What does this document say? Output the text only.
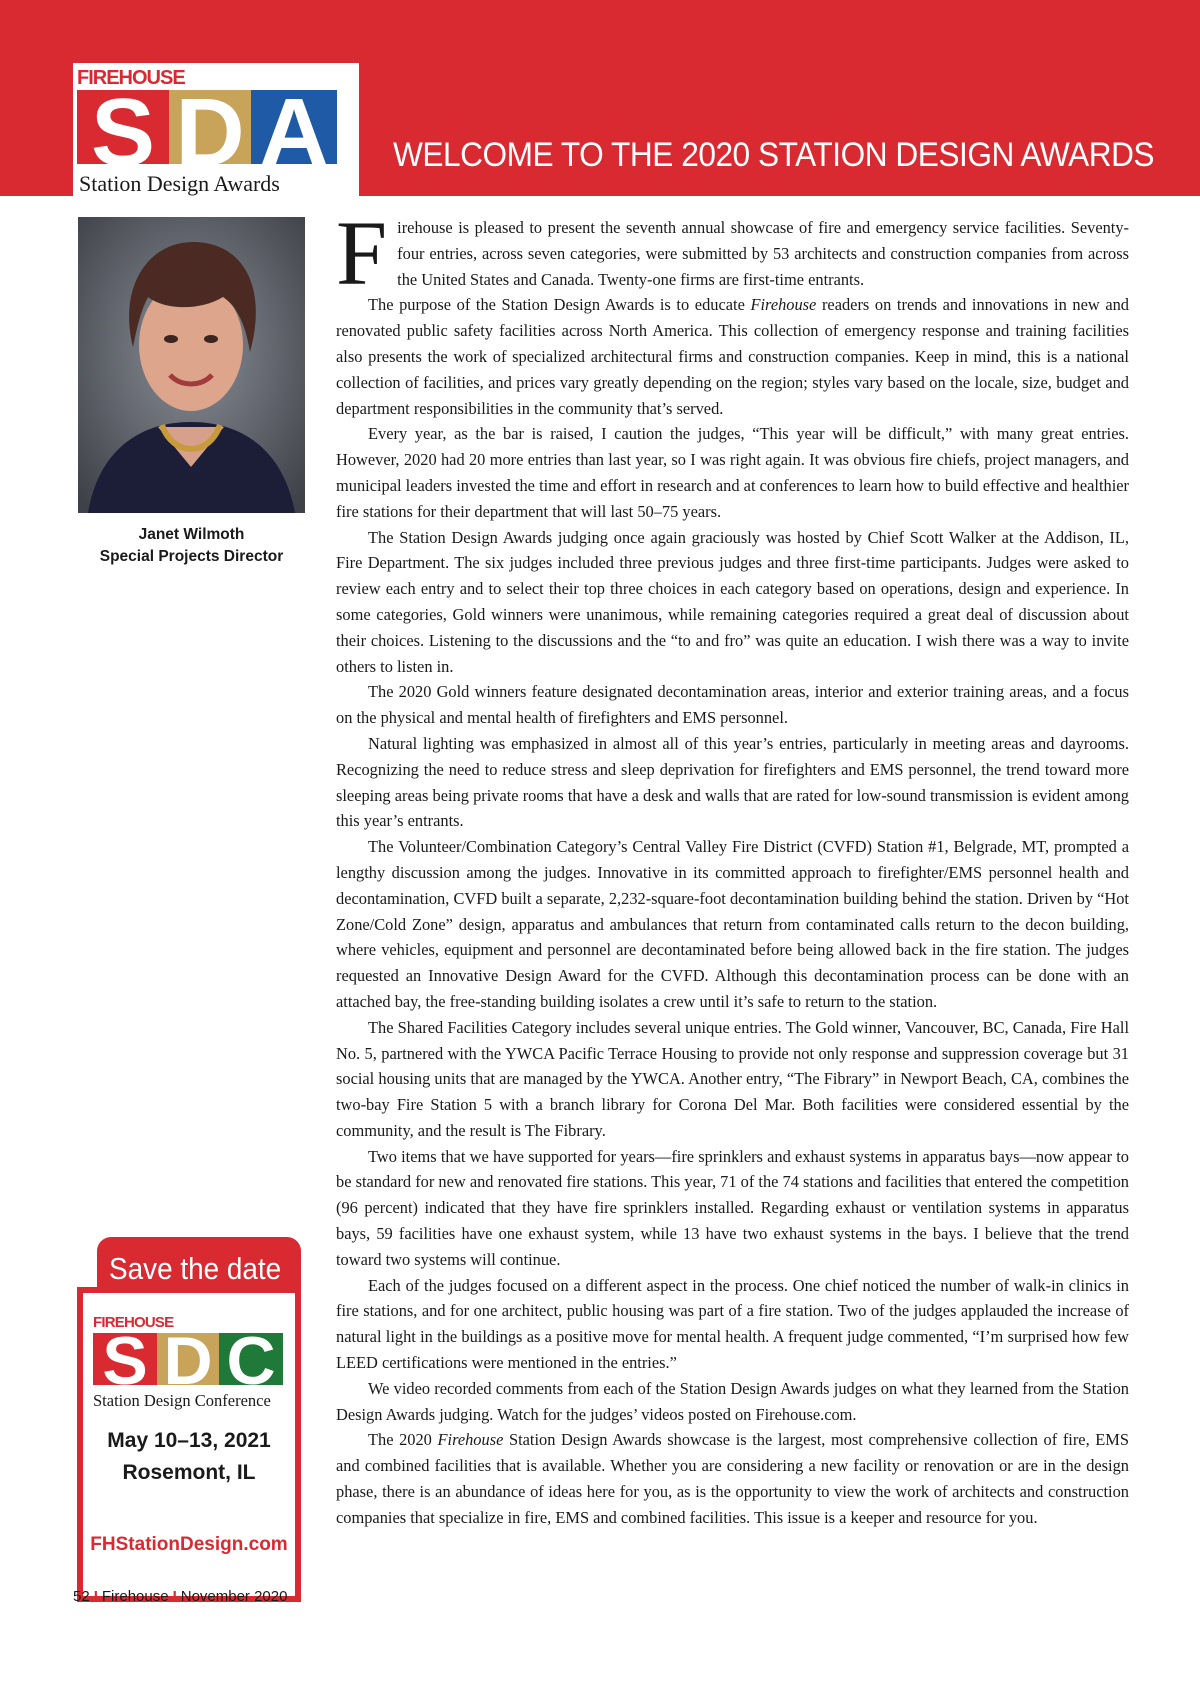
WELCOME TO THE 2020 STATION DESIGN AWARDS
FIREHOUSE
S D A
Station Design Awards
Janet Wilmoth
Special Projects Director

Firehouse is pleased to present the seventh annual showcase of fire and emergency service facilities. Seventy-four entries, across seven categories, were submitted by 53 architects and construction companies from across the United States and Canada. Twenty-one firms are first-time entrants.

The purpose of the Station Design Awards is to educate Firehouse readers on trends and innovations in new and renovated public safety facilities across North America. This collection of emergency response and training facilities also presents the work of specialized architectural firms and construction companies. Keep in mind, this is a national collection of facilities, and prices vary greatly depending on the region; styles vary based on the locale, size, budget and department responsibilities in the community that’s served.

Every year, as the bar is raised, I caution the judges, “This year will be difficult,” with many great entries. However, 2020 had 20 more entries than last year, so I was right again. It was obvious fire chiefs, project managers, and municipal leaders invested the time and effort in research and at conferences to learn how to build effective and healthier fire stations for their department that will last 50–75 years.

The Station Design Awards judging once again graciously was hosted by Chief Scott Walker at the Addison, IL, Fire Department. The six judges included three previous judges and three first-time participants. Judges were asked to review each entry and to select their top three choices in each category based on operations, design and experience. In some categories, Gold winners were unanimous, while remaining categories required a great deal of discussion about their choices. Listening to the discussions and the “to and fro” was quite an education. I wish there was a way to invite others to listen in.

The 2020 Gold winners feature designated decontamination areas, interior and exterior training areas, and a focus on the physical and mental health of firefighters and EMS personnel.

Natural lighting was emphasized in almost all of this year’s entries, particularly in meeting areas and dayrooms. Recognizing the need to reduce stress and sleep deprivation for firefighters and EMS personnel, the trend toward more sleeping areas being private rooms that have a desk and walls that are rated for low-sound transmission is evident among this year’s entrants.

The Volunteer/Combination Category’s Central Valley Fire District (CVFD) Station #1, Belgrade, MT, prompted a lengthy discussion among the judges. Innovative in its committed approach to firefighter/EMS personnel health and decontamination, CVFD built a separate, 2,232-square-foot decontamination building behind the station. Driven by “Hot Zone/Cold Zone” design, apparatus and ambulances that return from contaminated calls return to the decon building, where vehicles, equipment and personnel are decontaminated before being allowed back in the fire station. The judges requested an Innovative Design Award for the CVFD. Although this decontamination process can be done with an attached bay, the free-standing building isolates a crew until it’s safe to return to the station.

The Shared Facilities Category includes several unique entries. The Gold winner, Vancouver, BC, Canada, Fire Hall No. 5, partnered with the YWCA Pacific Terrace Housing to provide not only response and suppression coverage but 31 social housing units that are managed by the YWCA. Another entry, “The Fibrary” in Newport Beach, CA, combines the two-bay Fire Station 5 with a branch library for Corona Del Mar. Both facilities were considered essential by the community, and the result is The Fibrary.

Two items that we have supported for years—fire sprinklers and exhaust systems in apparatus bays—now appear to be standard for new and renovated fire stations. This year, 71 of the 74 stations and facilities that entered the competition (96 percent) indicated that they have fire sprinklers installed. Regarding exhaust or ventilation systems in apparatus bays, 59 facilities have one exhaust system, while 13 have two exhaust systems in the bays. I believe that the trend toward two systems will continue.

Each of the judges focused on a different aspect in the process. One chief noticed the number of walk-in clinics in fire stations, and for one architect, public housing was part of a fire station. Two of the judges applauded the increase of natural light in the buildings as a positive move for mental health. A frequent judge commented, “I’m surprised how few LEED certifications were mentioned in the entries.”

We video recorded comments from each of the Station Design Awards judges on what they learned from the Station Design Awards judging. Watch for the judges’ videos posted on Firehouse.com.

The 2020 Firehouse Station Design Awards showcase is the largest, most comprehensive collection of fire, EMS and combined facilities that is available. Whether you are considering a new facility or renovation or are in the design phase, there is an abundance of ideas here for you, as is the opportunity to view the work of architects and construction companies that specialize in fire, EMS and combined facilities. This issue is a keeper and resource for you.

Save the date
FIREHOUSE
S D C
Station Design Conference
May 10–13, 2021
Rosemont, IL
FHStationDesign.com
52 I Firehouse I November 2020
